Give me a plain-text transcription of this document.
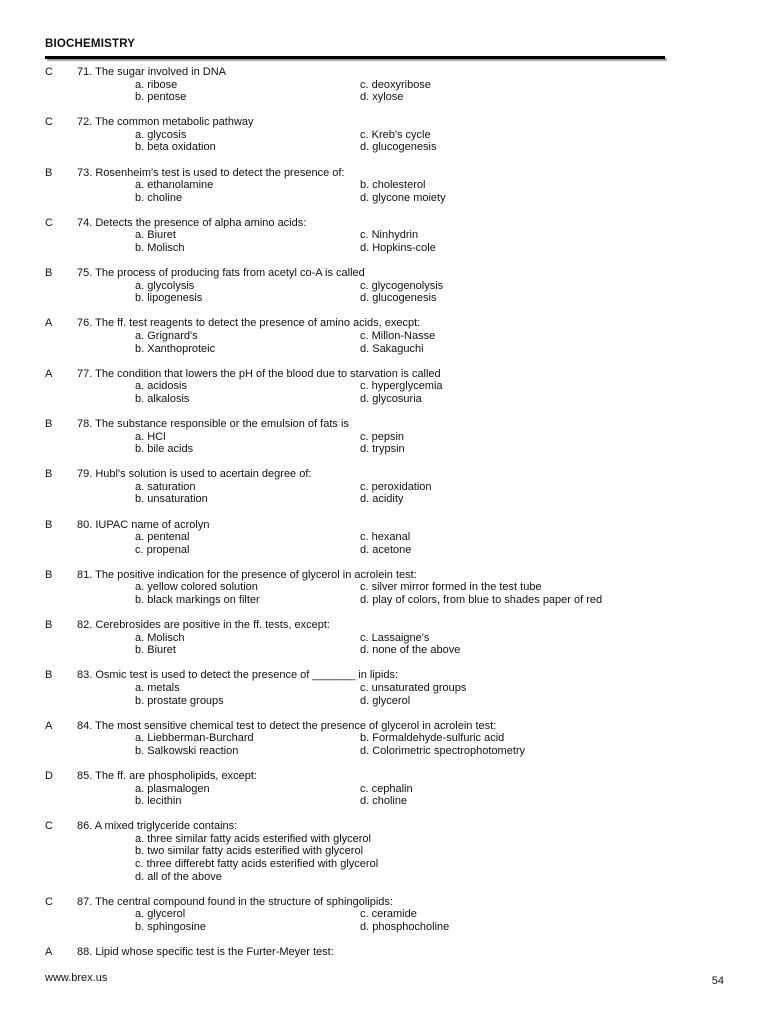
BIOCHEMISTRY
C 71. The sugar involved in DNA
a. ribose	c. deoxyribose
b. pentose	d. xylose
C 72. The common metabolic pathway
a. glycosis	c. Kreb's cycle
b. beta oxidation	d. glucogenesis
B 73. Rosenheim's test is used to detect the presence of:
a. ethanolamine	b. cholesterol
b. choline	d. glycone moiety
C 74. Detects the presence of alpha amino acids:
a. Biuret	c. Ninhydrin
b. Molisch	d. Hopkins-cole
B 75. The process of producing fats from acetyl co-A is called
a. glycolysis	c. glycogenolysis
b. lipogenesis	d. glucogenesis
A 76. The ff. test reagents to detect the presence of amino acids, execpt:
a. Grignard's	c. Millon-Nasse
b. Xanthoproteic	d. Sakaguchi
A 77. The condition that lowers the pH of the blood due to starvation is called
a. acidosis	c. hyperglycemia
b. alkalosis	d. glycosuria
B 78. The substance responsible or the emulsion of fats is
a. HCl	c. pepsin
b. bile acids	d. trypsin
B 79. Hubl's solution is used to acertain degree of:
a. saturation	c. peroxidation
b. unsaturation	d. acidity
B 80. IUPAC name of acrolyn
a. pentenal	c. hexanal
c. propenal	d. acetone
B 81. The positive indication for the presence of glycerol in acrolein test:
a. yellow colored solution	c. silver mirror formed in the test tube
b. black markings on filter	d. play of colors, from blue to shades paper of red
B 82. Cerebrosides are positive in the ff. tests, except:
a. Molisch	c. Lassaigne's
b. Biuret	d. none of the above
B 83. Osmic test is used to detect the presence of _______ in lipids:
a. metals	c. unsaturated groups
b. prostate groups	d. glycerol
A 84. The most sensitive chemical test to detect the presence of glycerol in acrolein test:
a. Liebberman-Burchard	b. Formaldehyde-sulfuric acid
b. Salkowski reaction	d. Colorimetric spectrophotometry
D 85. The ff. are phospholipids, except:
a. plasmalogen	c. cephalin
b. lecithin	d. choline
C 86. A mixed triglyceride contains:
a. three similar fatty acids esterified with glycerol
b. two similar fatty acids esterified with glycerol
c. three differebt fatty acids esterified with glycerol
d. all of the above
C 87. The central compound found in the structure of sphingolipids:
a. glycerol	c. ceramide
b. sphingosine	d. phosphocholine
A 88. Lipid whose specific test is the Furter-Meyer test:
www.brex.us	54
